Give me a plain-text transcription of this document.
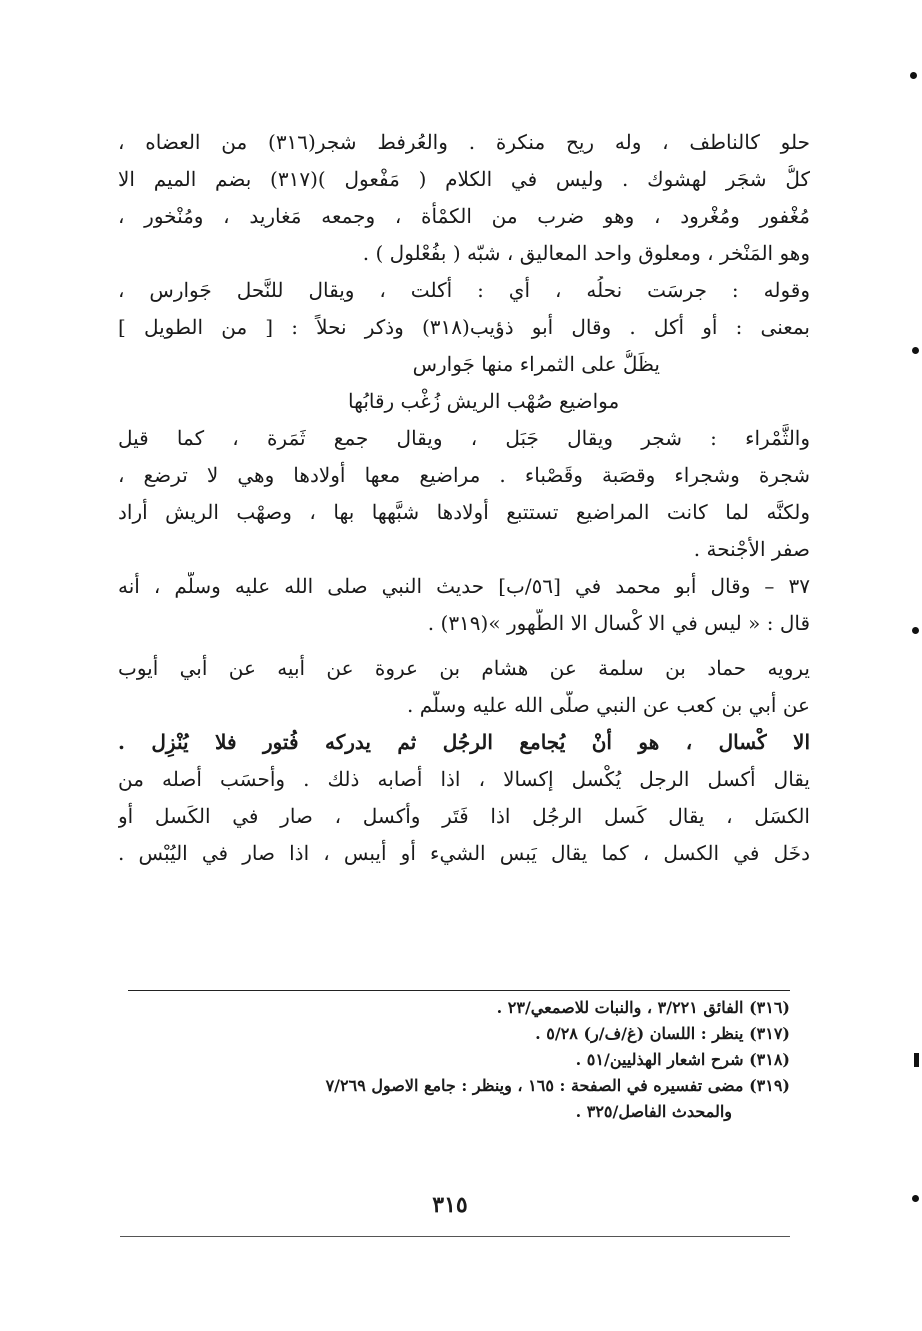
حلو كالناطف ، وله ريح منكرة . والعُرفط شجر(٣١٦) من العضاه ،
كلُّ شجَر لهشوك . وليس في الكلام ( مَفْعول )(٣١٧) بضم الميم الا
مُغْفور ومُغْرود ، وهو ضرب من الكمْأة ، وجمعه مَغاريد ، ومُنْخور ،
وهو المَنْخر ، ومعلوق واحد المعاليق ، شبّه ( بفُعْلول ) .
وقوله : جرسَت نحلُه ، أي : أكلت ، ويقال للنَّحل جَوارس ،
بمعنى : أو أكل . وقال أبو ذؤيب(٣١٨) وذكر نحلاً : [ من الطويل ]
يظَلُّ على الثمراء منها جَوارس
مواضيع صُهْب الريش زُغْب رقابُها
والثَّمْراء : شجر ويقال جَبَل ، ويقال جمع ثَمَرة ، كما قيل
شجرة وشجراء وقصَبة وقَصْباء . مراضيع معها أولادها وهي لا ترضع ،
ولكنَّه لما كانت المراضيع تستتبع أولادها شبَّهها بها ، وصهْب الريش أراد
صفر الأجْنحة .
٣٧ – وقال أَبو محمد في [٥٦/ب] حديث النبي صلى الله عليه وسلَّم ، أنه
قال : « ليس في الا كْسال الا الطُّهور »(٣١٩) .
يرويه حماد بن سلمة عن هشام بن عروة عن أبيه عن أبي أيوب
عن أبي بن كعب عن النبي صلّى الله عليه وسلَّم .
الا كْسال ، هو أنْ يُجامع الرجُل ثم يدركه فُتور فلا يُنْزِل .
يقال أكسل الرجل يُكْسل إكسالا ، اذا أصابه ذلك . وأحسَب أصله من
الكسَل ، يقال كَسل الرجُل اذا فَتَر وأكسل ، صار في الكَسل أو
دخَل في الكسل ، كما يقال يَبس الشيء أو أيبس ، اذا صار في اليُبْس .
(٣١٦) الفائق ٣/٢٢١ ، والنبات للاصمعي/٢٣ .
(٣١٧) ينظر : اللسان (غ/ف/ر) ٥/٢٨ .
(٣١٨) شرح اشعار الهذليين/٥١ .
(٣١٩) مضى تفسيره في الصفحة : ١٦٥ ، وينظر : جامع الاصول ٧/٢٦٩
والمحدث الفاصل/٣٢٥ .
٣١٥
